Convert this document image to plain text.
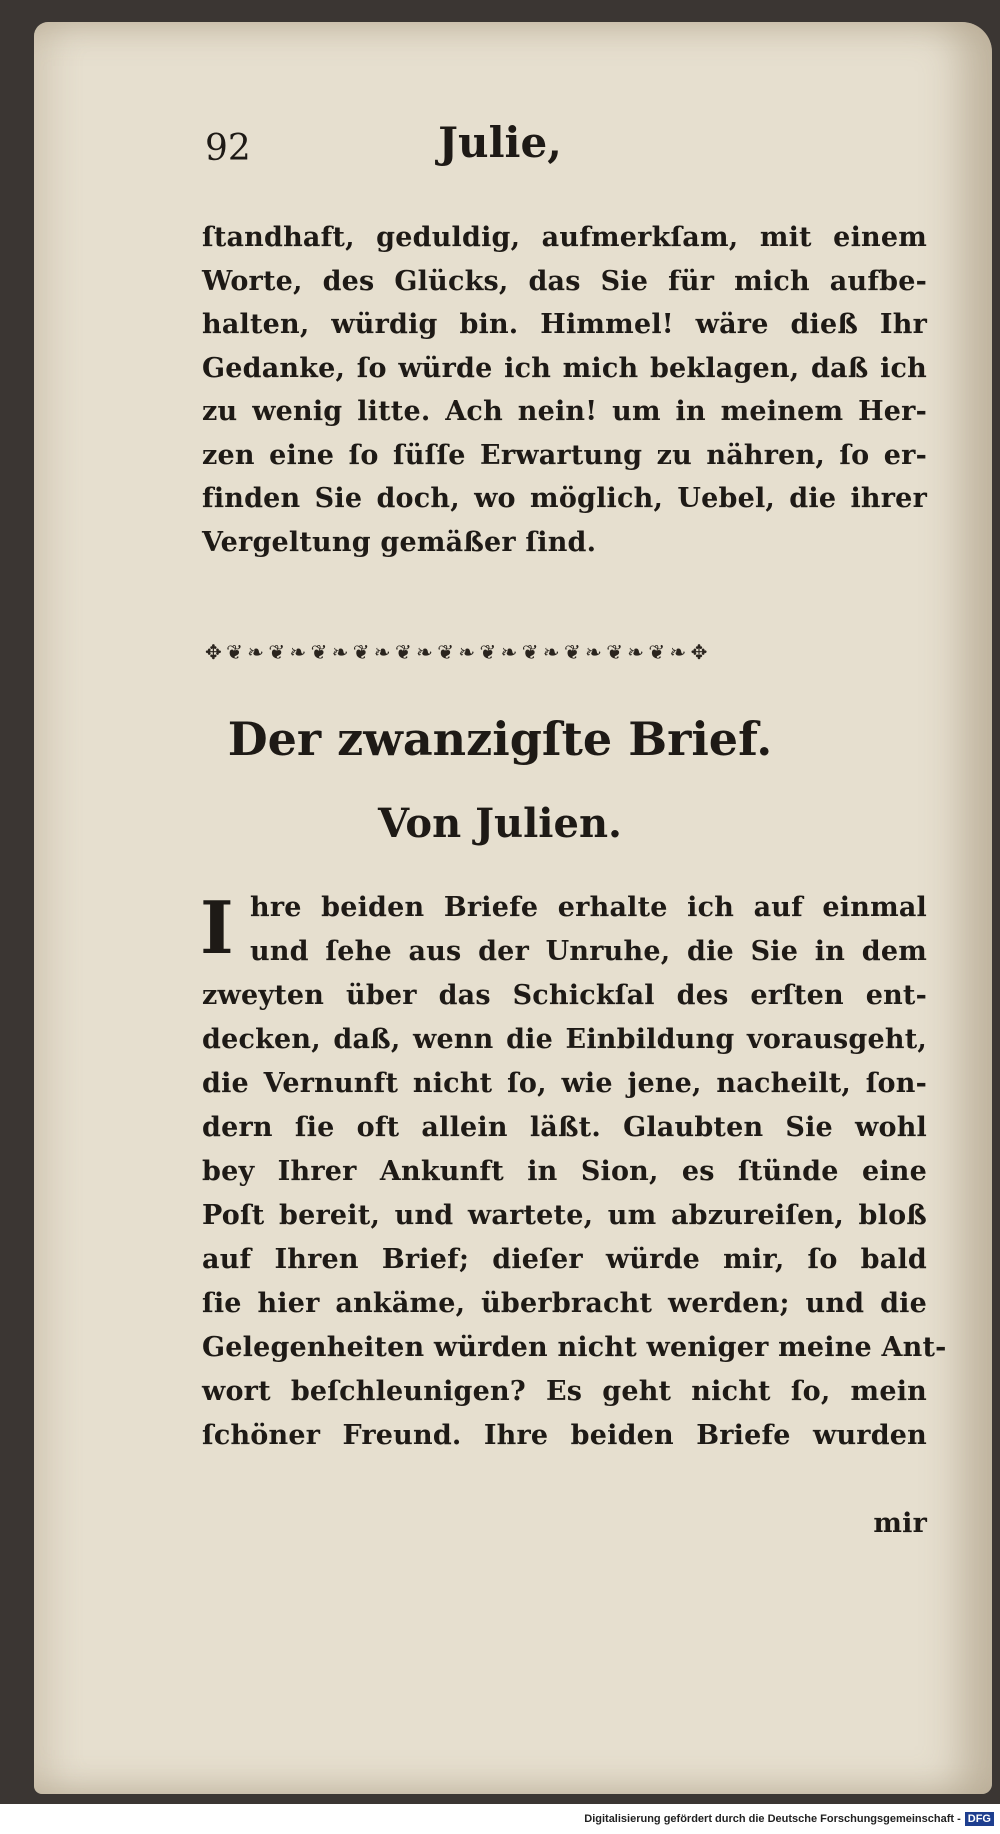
92	Julie,
ſtandhaft, geduldig, aufmerkſam, mit einem
Worte, des Glücks, das Sie für mich aufbe-
halten, würdig bin. Himmel! wäre dieß Ihr
Gedanke, ſo würde ich mich beklagen, daß ich
zu wenig litte. Ach nein! um in meinem Her-
zen eine ſo ſüſſe Erwartung zu nähren, ſo er-
finden Sie doch, wo möglich, Uebel, die ihrer
Vergeltung gemäßer ſind.
✥ ❦ ❧ ❦ ❧ ❦ ❧ ❦ ❧ ❦ ❧ ❦ ❧ ❦ ❧ ❦ ❧ ❦ ❧ ❦ ❧ ❦ ❧ ✥
Der zwanzigſte Brief.
Von Julien.
I hre beiden Briefe erhalte ich auf einmal
und ſehe aus der Unruhe, die Sie in dem
zweyten über das Schickſal des erſten ent-
decken, daß, wenn die Einbildung vorausgeht,
die Vernunft nicht ſo, wie jene, nacheilt, ſon-
dern ſie oft allein läßt. Glaubten Sie wohl
bey Ihrer Ankunft in Sion, es ſtünde eine
Poſt bereit, und wartete, um abzureiſen, bloß
auf Ihren Brief; dieſer würde mir, ſo bald
ſie hier ankäme, überbracht werden; und die
Gelegenheiten würden nicht weniger meine Ant-
wort beſchleunigen? Es geht nicht ſo, mein
ſchöner Freund. Ihre beiden Briefe wurden
mir
Digitalisierung gefördert durch die Deutsche Forschungsgemeinschaft - DFG
